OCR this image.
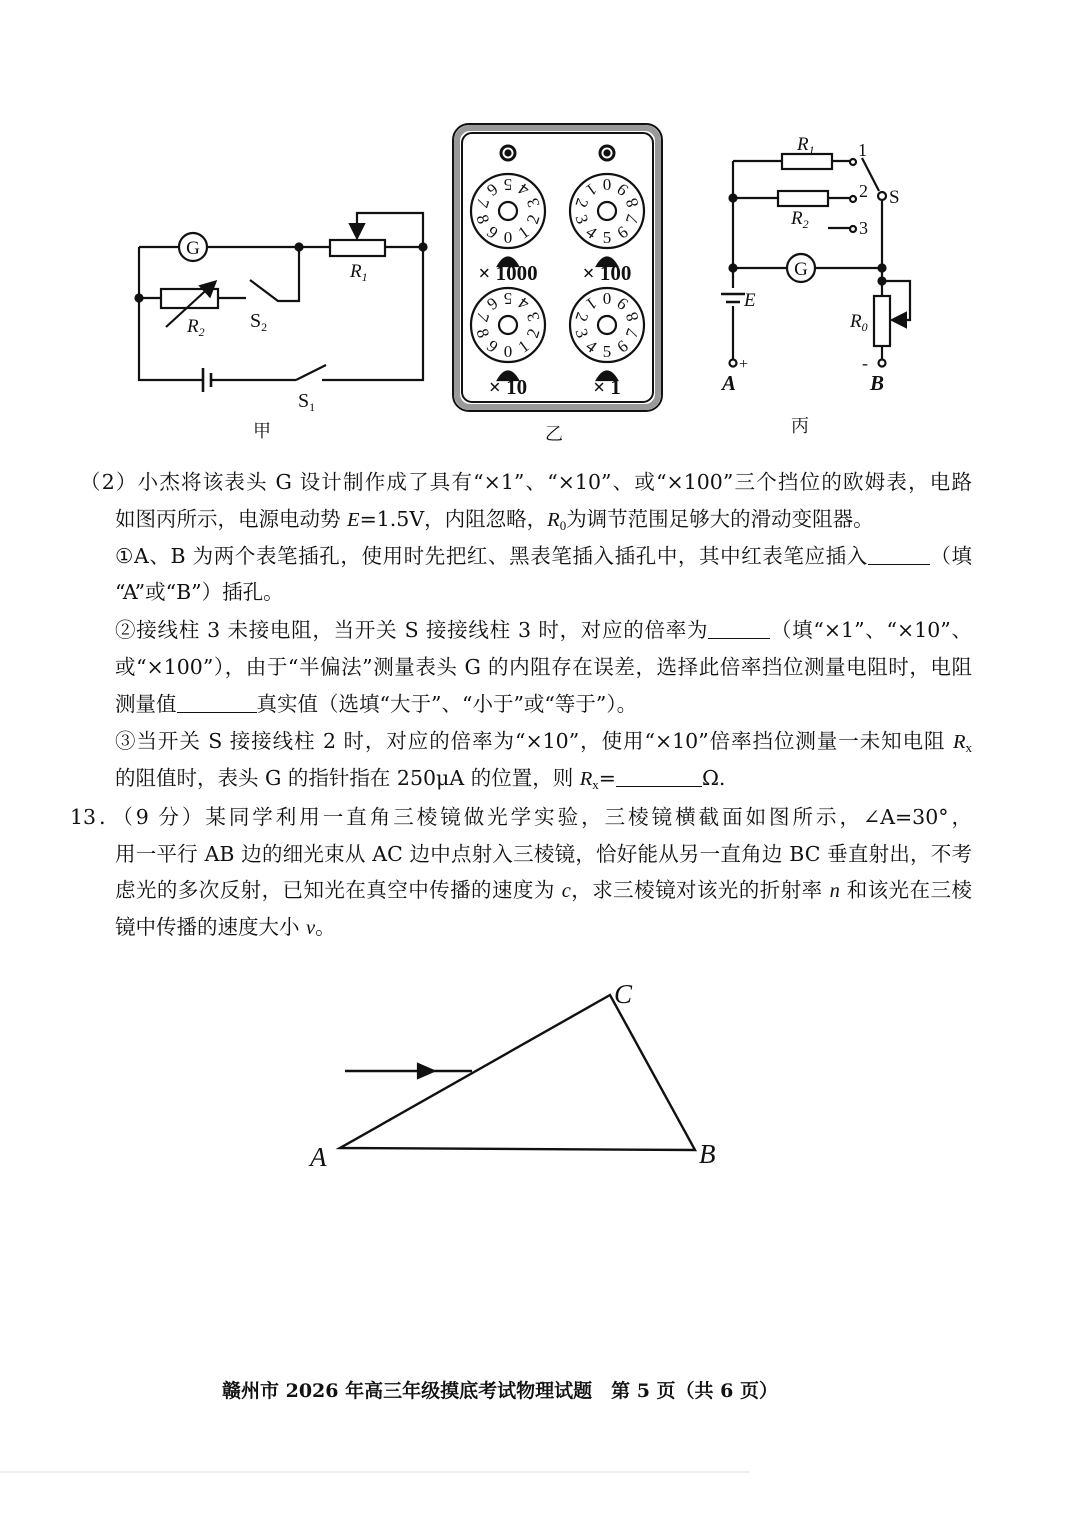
G
$R_1$
$R_2$ $S_2$
$S_1$
甲
0 1
2
3
4
5
6
7
8
9
× 1000
5 6
7
8
9
0
1
2
3
4
× 100
0 1
2
3
4
5
6
7
8
9
× 10
5 6
7
8
9
0
1
2
3
4
× 1
乙
G
$R_1$
$R_2$
$R_0$
1
2
3
S
E
+	-
A	B
丙
A	B
C
（2）小杰将该表头 G 设计制作成了具有“×1”、“×10”、或“×100”三个挡位的欧姆表，电路
如图丙所示，电源电动势 E=1.5V，内阻忽略，$R_0$为调节范围足够大的滑动变阻器。
①A、B 为两个表笔插孔，使用时先把红、黑表笔插入插孔中，其中红表笔应插入	（填
“A”或“B”）插孔。
②接线柱 3 未接电阻，当开关 S 接接线柱 3 时，对应的倍率为	（填“×1”、“×10”、
或“×100”），由于“半偏法”测量表头 G 的内阻存在误差，选择此倍率挡位测量电阻时，电阻
测量值	真实值（选填“大于”、“小于”或“等于”）。
③当开关 S 接接线柱 2 时，对应的倍率为“×10”，使用“×10”倍率挡位测量一未知电阻 $R_x$
的阻值时，表头 G 的指针指在 250μA 的位置，则 $R_x=$	Ω.
13．（9 分）某同学利用一直角三棱镜做光学实验，三棱镜横截面如图所示，∠A=30°，
用一平行 AB 边的细光束从 AC 边中点射入三棱镜，恰好能从另一直角边 BC 垂直射出，不考
虑光的多次反射，已知光在真空中传播的速度为 c，求三棱镜对该光的折射率 n 和该光在三棱
镜中传播的速度大小 v。
赣州市 2026 年高三年级摸底考试物理试题　第 5 页（共 6 页）
